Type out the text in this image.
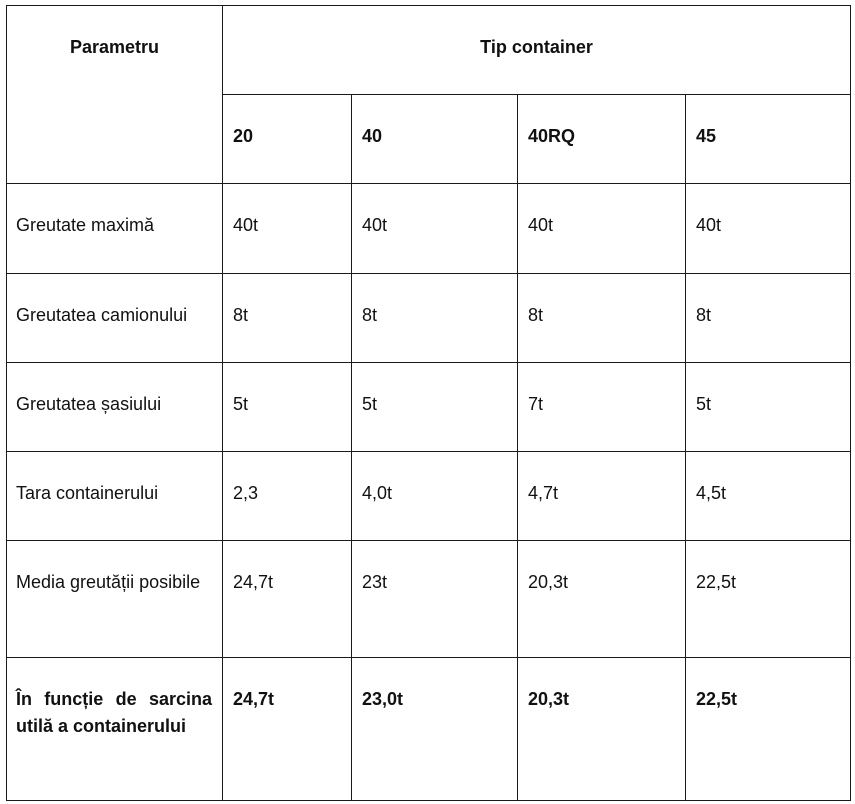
Parametru	Tip container			
	20	40	40RQ	45
Greutate maximă	40t	40t	40t	40t
Greutatea camionului	8t	8t	8t	8t
Greutatea șasiului	5t	5t	7t	5t
Tara containerului	2,3	4,0t	4,7t	4,5t
Media greutății posibile	24,7t	23t	20,3t	22,5t
În funcție de sarcina utilă a containerului	24,7t	23,0t	20,3t	22,5t
